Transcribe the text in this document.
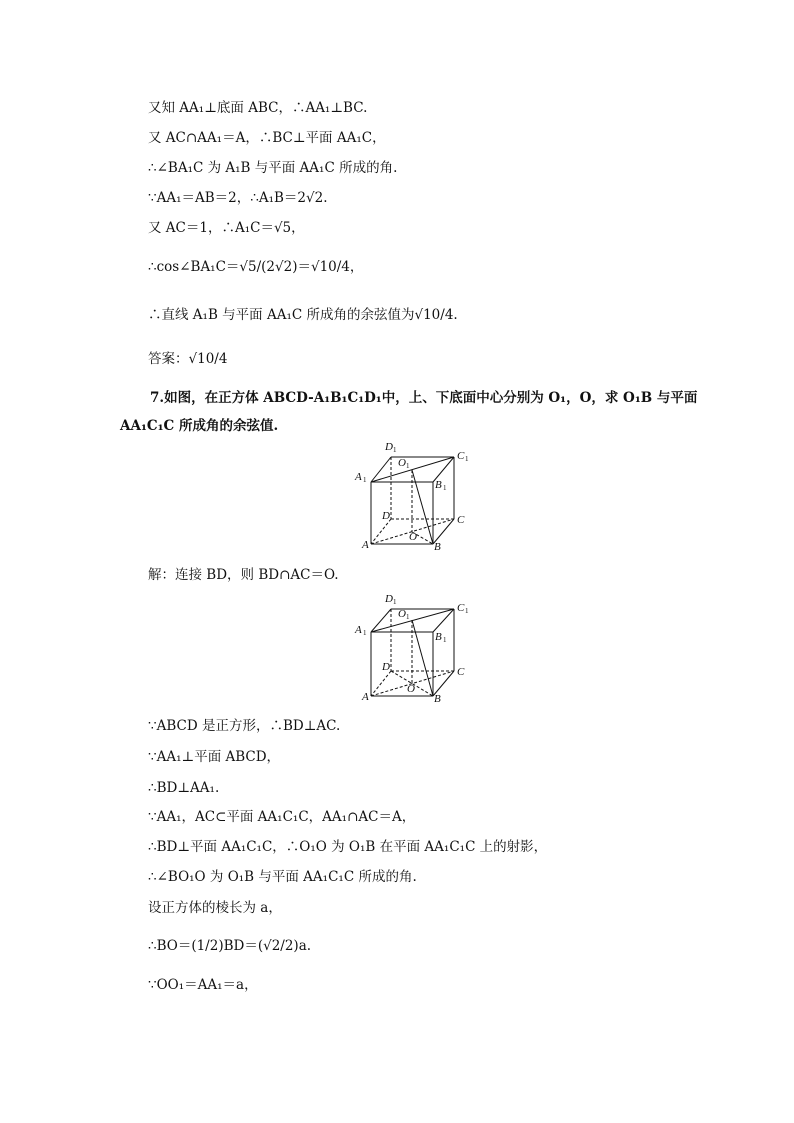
又知 AA₁⊥底面 ABC，∴AA₁⊥BC.
又 AC∩AA₁＝A，∴BC⊥平面 AA₁C，
∴∠BA₁C 为 A₁B 与平面 AA₁C 所成的角.
∵AA₁＝AB＝2，∴A₁B＝2√2.
又 AC＝1，∴A₁C＝√5，
∴cos∠BA₁C＝√5/(2√2)＝√10/4，
∴直线 A₁B 与平面 AA₁C 所成角的余弦值为√10/4.
答案：√10/4
7.如图，在正方体 ABCD-A₁B₁C₁D₁中，上、下底面中心分别为 O₁，O，求 O₁B 与平面
AA₁C₁C 所成角的余弦值.
D 1	C 1
O 1
A 1	B 1
D	C
O
A	B
解：连接 BD，则 BD∩AC＝O.
D 1	C 1
O 1
A 1	B 1
D	C
O
A	B
∵ABCD 是正方形，∴BD⊥AC.
∵AA₁⊥平面 ABCD，
∴BD⊥AA₁.
∵AA₁，AC⊂平面 AA₁C₁C，AA₁∩AC＝A，
∴BD⊥平面 AA₁C₁C，∴O₁O 为 O₁B 在平面 AA₁C₁C 上的射影，
∴∠BO₁O 为 O₁B 与平面 AA₁C₁C 所成的角.
设正方体的棱长为 a，
∴BO＝(1/2)BD＝(√2/2)a.
∵OO₁＝AA₁＝a，
